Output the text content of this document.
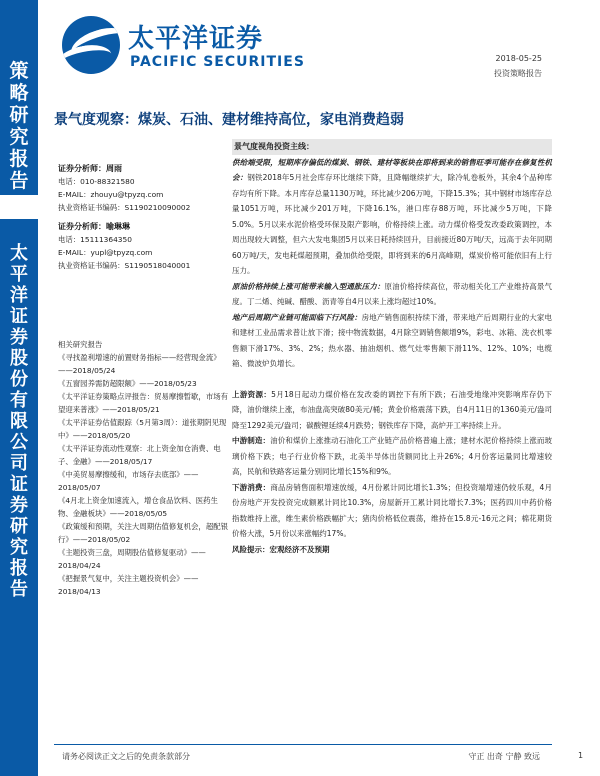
策
略
研
究
报
告
太
平
洋
证
券
股
份
有
限
公
司
证
券
研
究
报
告
太平洋证券
PACIFIC SECURITIES	2018-05-25
投资策略报告
景气度观察：煤炭、石油、建材维持高位，家电消费趋弱
证券分析师：周雨
电话：010-88321580
E-MAIL：zhouyu@tpyzq.com
执业资格证书编码：S1190210090002
证券分析师：喻琳琳
电话：15111364350
E-MAIL：yupl@tpyzq.com
执业资格证书编码：S1190518040001
相关研究报告
《寻找盈利增速的前置财务指标——经营现金流》——2018/05/24
《五窗园养需防超限额》——2018/05/23
《太平洋证券策略点评报告：贸易摩擦暂歇，市场有望迎来普涨》——2018/05/21
《太平洋证券估值跟踪（5月第3周）：道张期阴见现中》——2018/05/20
《太平洋证券流动性观察：北上资金加仓消费、电子、金融》——2018/05/17
《中美贸易摩擦缓和，市场存去底部》——2018/05/07
《4月北上资金加速流入，增仓食品饮料、医药生物、金融板块》——2018/05/05
《政策缓和预期，关注大周期估值修复机会，超配银行》——2018/05/02
《主题投资三盘，周期股估值修复驱动》——2018/04/24
《把握景气复中，关注主题投资机会》——2018/04/13
景气度视角投资主线：
供给端受限，短期库存偏低的煤炭、钢铁、建材等板块在即将到来的销售旺季可能存在修复性机会：钢铁2018年5月社会库存环比继续下降，且降幅继续扩大，除冷轧卷板外，其余4个品种库存均有所下降。本月库存总量1130万吨，环比减少206万吨，下降15.3%；其中钢材市场库存总量1051万吨，环比减少201万吨，下降16.1%，港口库存88万吨，环比减少5万吨，下降5.0%。5月以来水泥价格受环保及限产影响，价格持续上涨。动力煤价格受发改委政策调控，本周出现较大调整，但六大发电集团5月以来日耗持续回升，目前接近80万吨/天，远高于去年同期60万吨/天，发电耗煤超预期，叠加供给受限，即将到来的6月高峰期，煤炭价格可能依旧有上行压力。
原油价格持续上涨可能带来输入型通胀压力：原油价格持续高位，带动相关化工产业维持高景气度。丁二烯、纯碱、醋酸、沥青等自4月以来上涨均超过10%。
地产后周期产业链可能面临下行风险：房地产销售面积持续下滑，带来地产后周期行业的大家电和建材工业品需求普让放下滑；接中物流数据，4月除空调销售额增9%，彩电、冰箱、洗衣机零售额下滑17%、3%、2%；热水器、抽油烟机、燃气灶零售额下滑11%、12%、10%；电缆箱、微波炉负增长。
上游资源：5月18日起动力煤价格在发改委的调控下有所下跌；石油受地缘冲突影响库存仍下降，油价继续上涨，布油盘高突破80美元/桶；黄金价格震荡下跌，自4月11日的1360美元/盎司降至1292美元/盎司；碳酸锂延续4月跌势；钢铁库存下降，高炉开工率持续上升。
中游制造：油价和煤价上涨推动石油化工产业链产品价格普遍上涨；建材水泥价格持续上涨而玻璃价格下跌；电子行业价格下跌，北美半导体出货额同比上升26%；4月份客运量同比增速较高，民航和铁路客运量分别同比增长15%和9%。
下游消费：商品房销售面积增速放缓，4月份累计同比增长1.3%；但投资端增速仍较乐观，4月份房地产开发投资完成额累计同比10.3%，房屋新开工累计同比增长7.3%；医药四川中药价格指数维持上涨，维生素价格跌幅扩大；猪肉价格低位震荡，维持在15.8元-16元之间；棉花期货价格大涨，5月份以来涨幅约17%。
风险提示：宏观经济不及预期
请务必阅读正文之后的免责条款部分	守正 出奇 宁静 致远	1
